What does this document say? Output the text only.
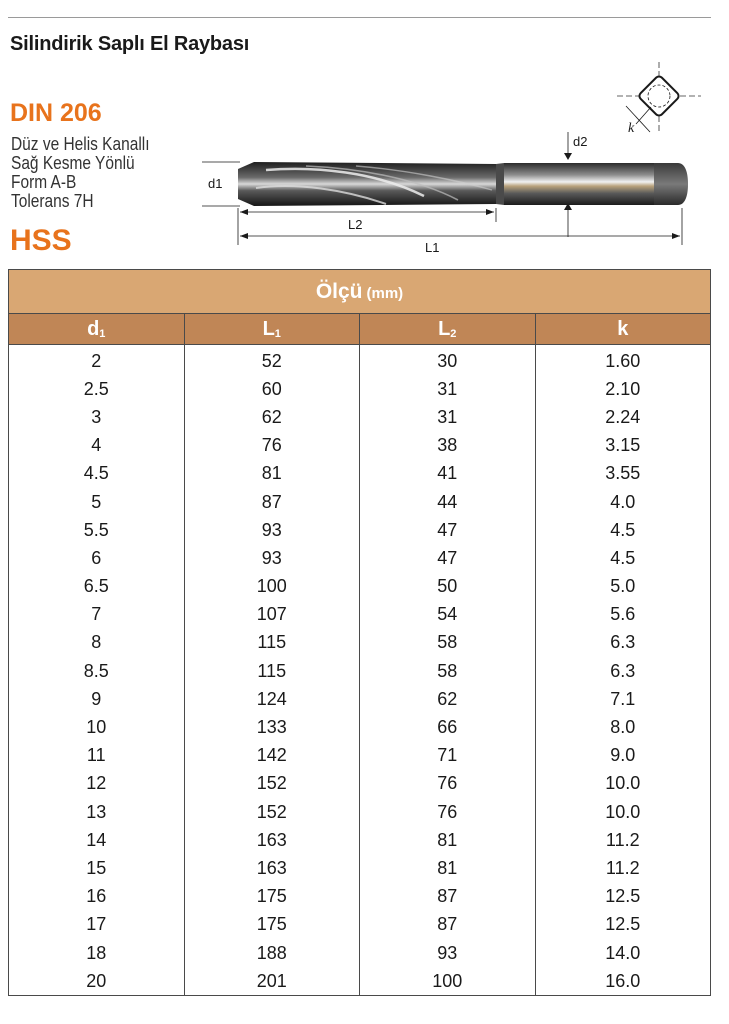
Silindirik Saplı El Raybası
DIN 206
Düz ve Helis Kanallı
Sağ Kesme Yönlü
Form A-B
Tolerans 7H
HSS
k
d2
d1
L2
L1
Ölçü (mm)			
$d_1$	$L_1$	$L_2$	k
2	52	30	1.60
2.5	60	31	2.10
3	62	31	2.24
4	76	38	3.15
4.5	81	41	3.55
5	87	44	4.0
5.5	93	47	4.5
6	93	47	4.5
6.5	100	50	5.0
7	107	54	5.6
8	115	58	6.3
8.5	115	58	6.3
9	124	62	7.1
10	133	66	8.0
11	142	71	9.0
12	152	76	10.0
13	152	76	10.0
14	163	81	11.2
15	163	81	11.2
16	175	87	12.5
17	175	87	12.5
18	188	93	14.0
20	201	100	16.0
